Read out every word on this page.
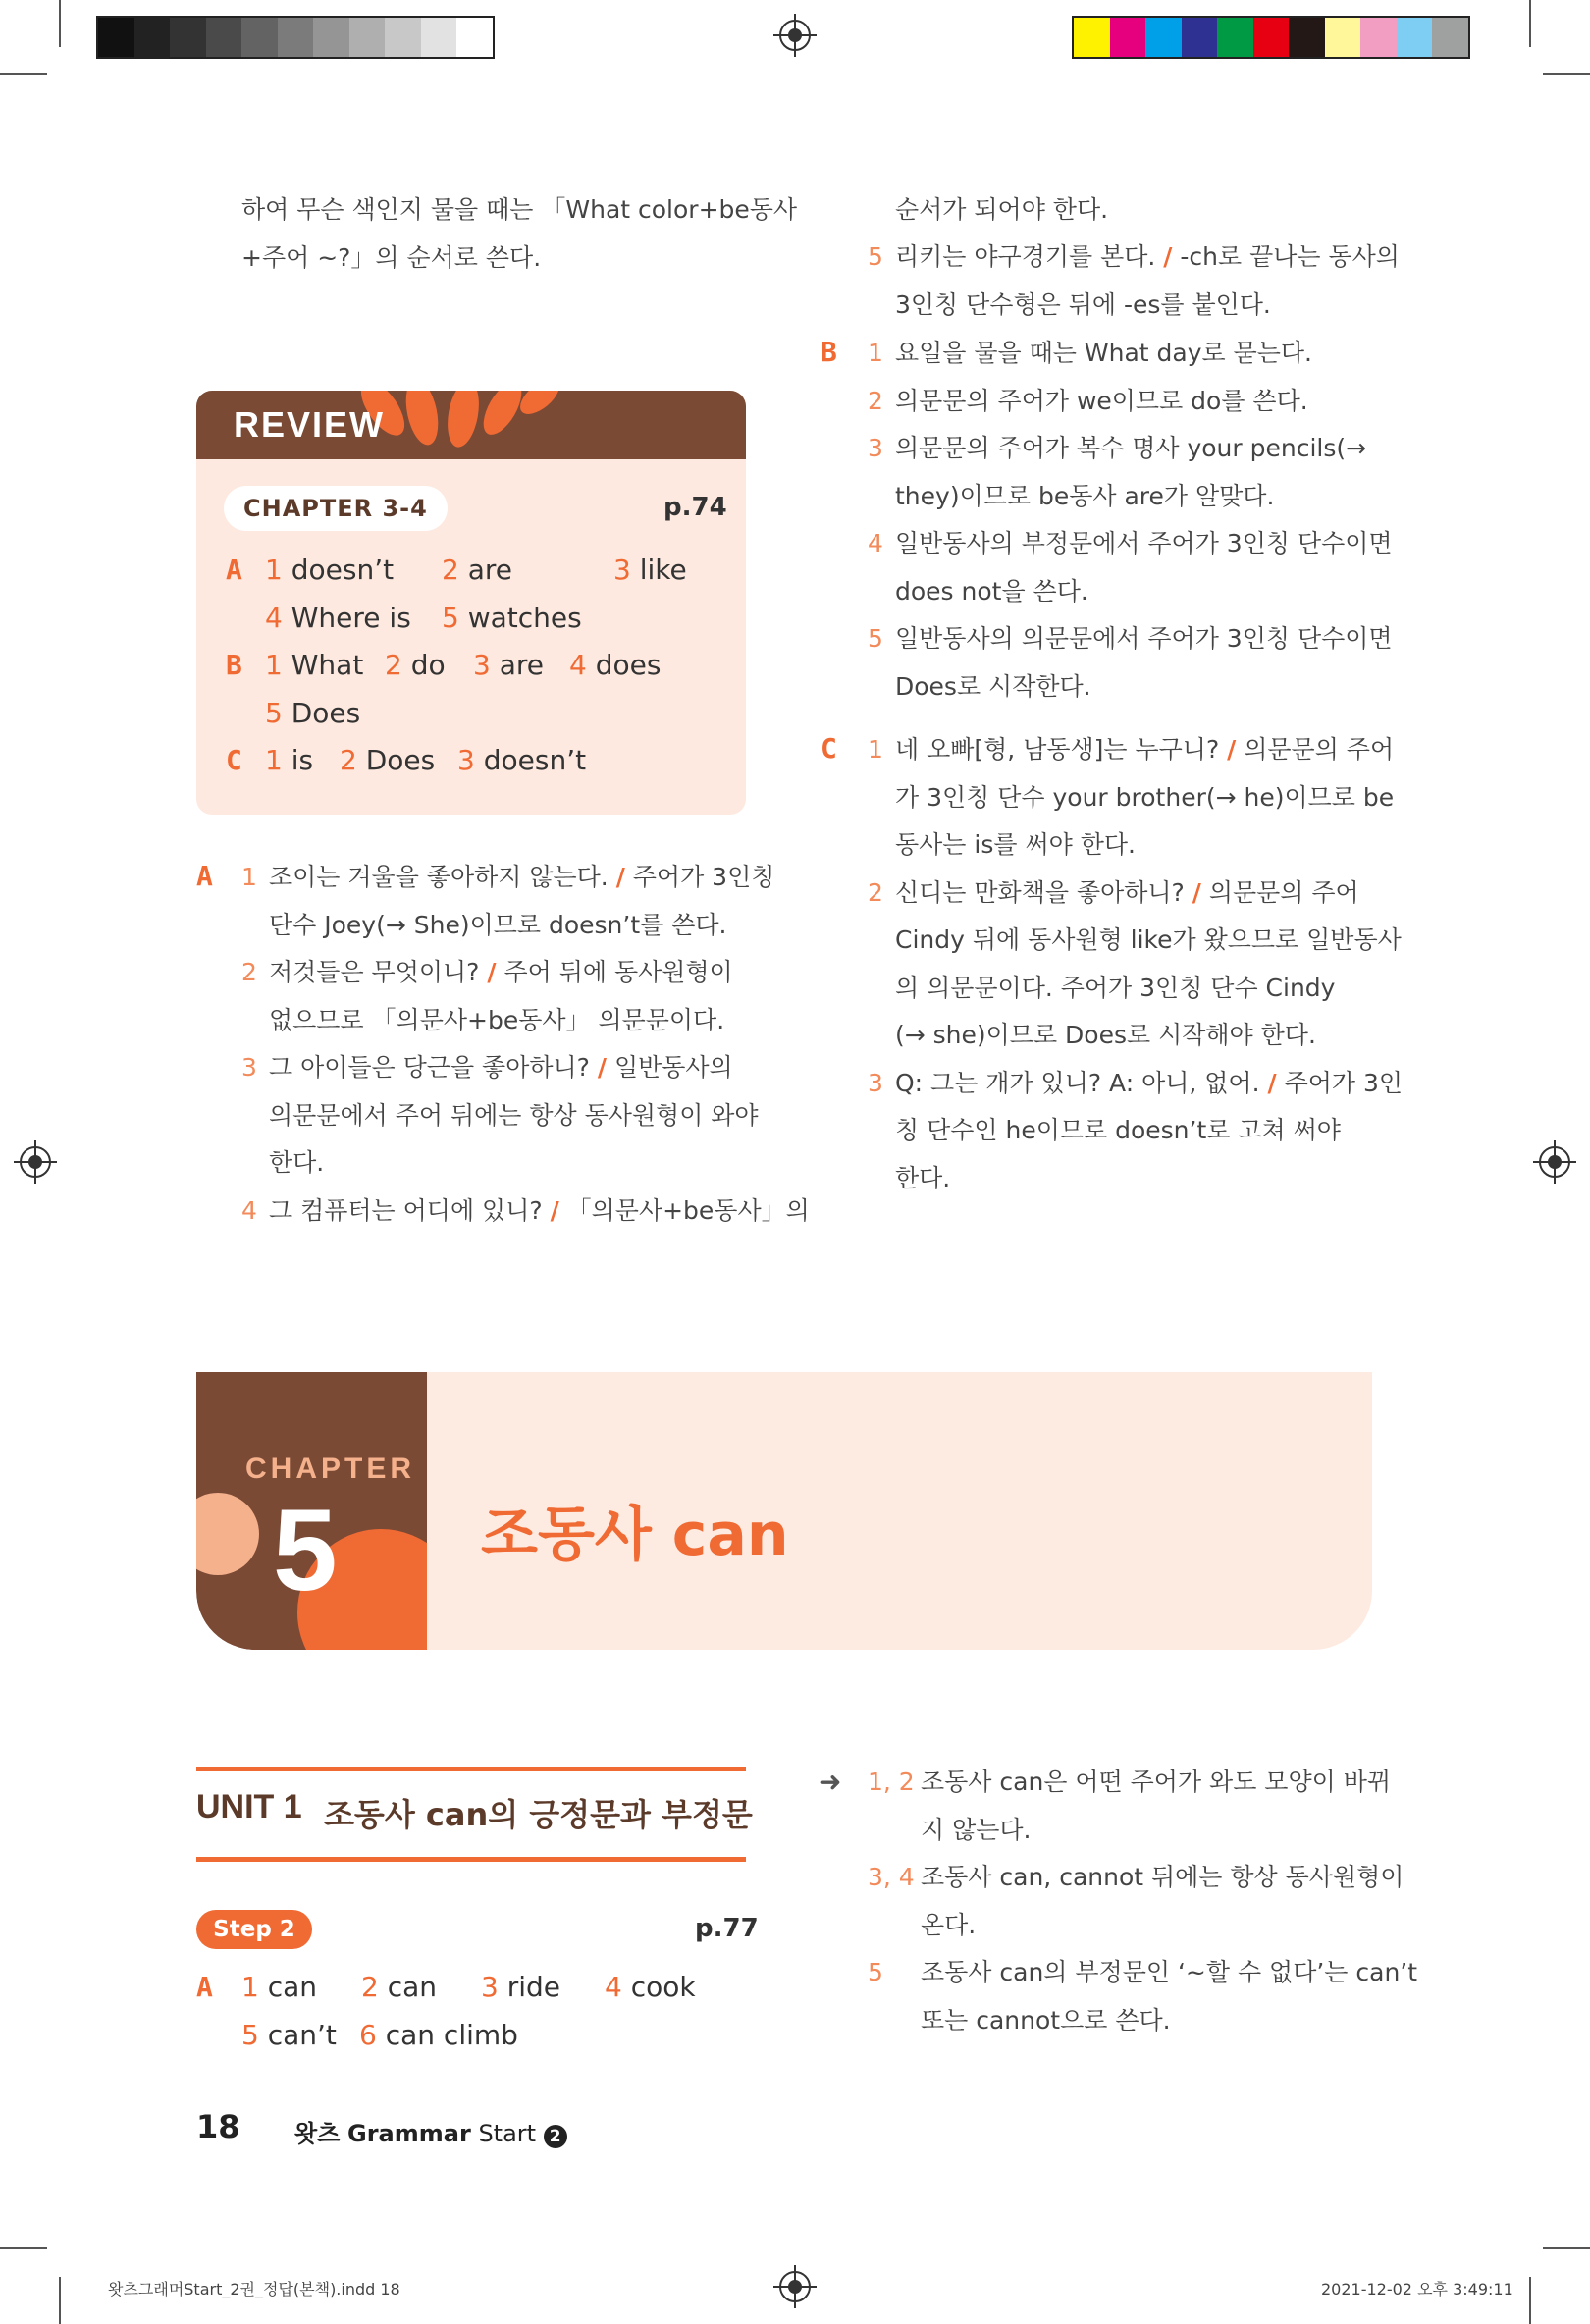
하여 무슨 색인지 물을 때는 「What color+be동사
+주어 ~?」의 순서로 쓴다.
REVIEW
CHAPTER 3-4	p.74
A 1 doesn’t 2 are	3 like
4 Where is 5 watches
B 1 What 2 do 3 are 4 does
5 Does
C 1 is 2 Does 3 doesn’t
A 1 조이는 겨울을 좋아하지 않는다. / 주어가 3인칭
단수 Joey(→ She)이므로 doesn’t를 쓴다.
2 저것들은 무엇이니? / 주어 뒤에 동사원형이
없으므로 「의문사+be동사」 의문문이다.
3 그 아이들은 당근을 좋아하니? / 일반동사의
의문문에서 주어 뒤에는 항상 동사원형이 와야
한다.
4 그 컴퓨터는 어디에 있니? / 「의문사+be동사」의
순서가 되어야 한다.
5 리키는 야구경기를 본다. / -ch로 끝나는 동사의
3인칭 단수형은 뒤에 -es를 붙인다.
B 1 요일을 물을 때는 What day로 묻는다.
2 의문문의 주어가 we이므로 do를 쓴다.
3 의문문의 주어가 복수 명사 your pencils(→
they)이므로 be동사 are가 알맞다.
4 일반동사의 부정문에서 주어가 3인칭 단수이면
does not을 쓴다.
5 일반동사의 의문문에서 주어가 3인칭 단수이면
Does로 시작한다.
C 1 네 오빠[형, 남동생]는 누구니? / 의문문의 주어
가 3인칭 단수 your brother(→ he)이므로 be
동사는 is를 써야 한다.
2 신디는 만화책을 좋아하니? / 의문문의 주어
Cindy 뒤에 동사원형 like가 왔으므로 일반동사
의 의문문이다. 주어가 3인칭 단수 Cindy
(→ she)이므로 Does로 시작해야 한다.
3 Q: 그는 개가 있니? A: 아니, 없어. / 주어가 3인
칭 단수인 he이므로 doesn’t로 고쳐 써야
한다.
CHAPTER
5 조동사 can
UNIT 1 조동사 can의 긍정문과 부정문
Step 2	p.77
A 1 can 2 can 3 ride 4 cook
5 can’t 6 can climb
➜ 1, 2 조동사 can은 어떤 주어가 와도 모양이 바뀌
지 않는다.
3, 4 조동사 can, cannot 뒤에는 항상 동사원형이
온다.
5 조동사 can의 부정문인 ‘~할 수 없다’는 can’t
또는 cannot으로 쓴다.
18 왓츠 Grammar Start 2
왓츠그래머Start_2권_정답(본책).indd 18	2021-12-02 오후 3:49:11
